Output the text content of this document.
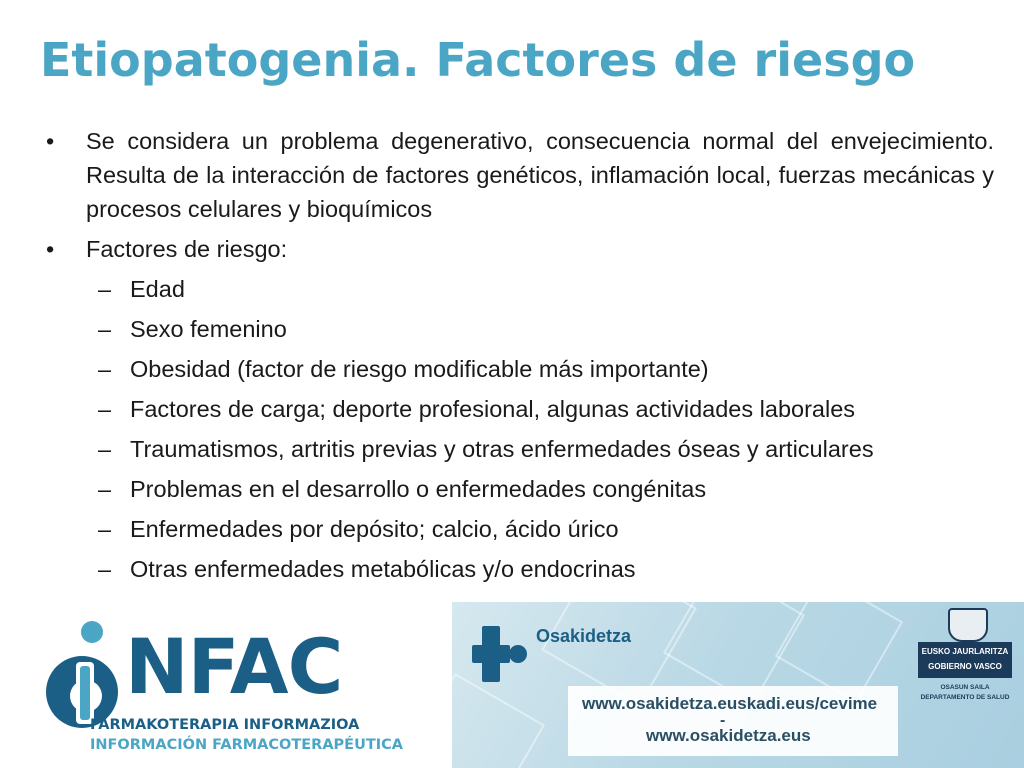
Etiopatogenia. Factores de riesgo
• Se considera un problema degenerativo, consecuencia normal del envejecimiento. Resulta de la interacción de factores genéticos, inflamación local, fuerzas mecánicas y procesos celulares y bioquímicos
• Factores de riesgo:
– Edad
– Sexo femenino
– Obesidad (factor de riesgo modificable más importante)
– Factores de carga; deporte profesional, algunas actividades laborales
– Traumatismos, artritis previas y otras enfermedades óseas y articulares
– Problemas en el desarrollo o enfermedades congénitas
– Enfermedades por depósito; calcio, ácido úrico
– Otras enfermedades metabólicas y/o endocrinas
NFAC
FARMAKOTERAPIA INFORMAZIOA
INFORMACIÓN FARMACOTERAPÉUTICA
Osakidetza
www.osakidetza.euskadi.eus/cevime
-
www.osakidetza.eus
EUSKO JAURLARITZA
GOBIERNO VASCO
OSASUN SAILA
DEPARTAMENTO DE SALUD
